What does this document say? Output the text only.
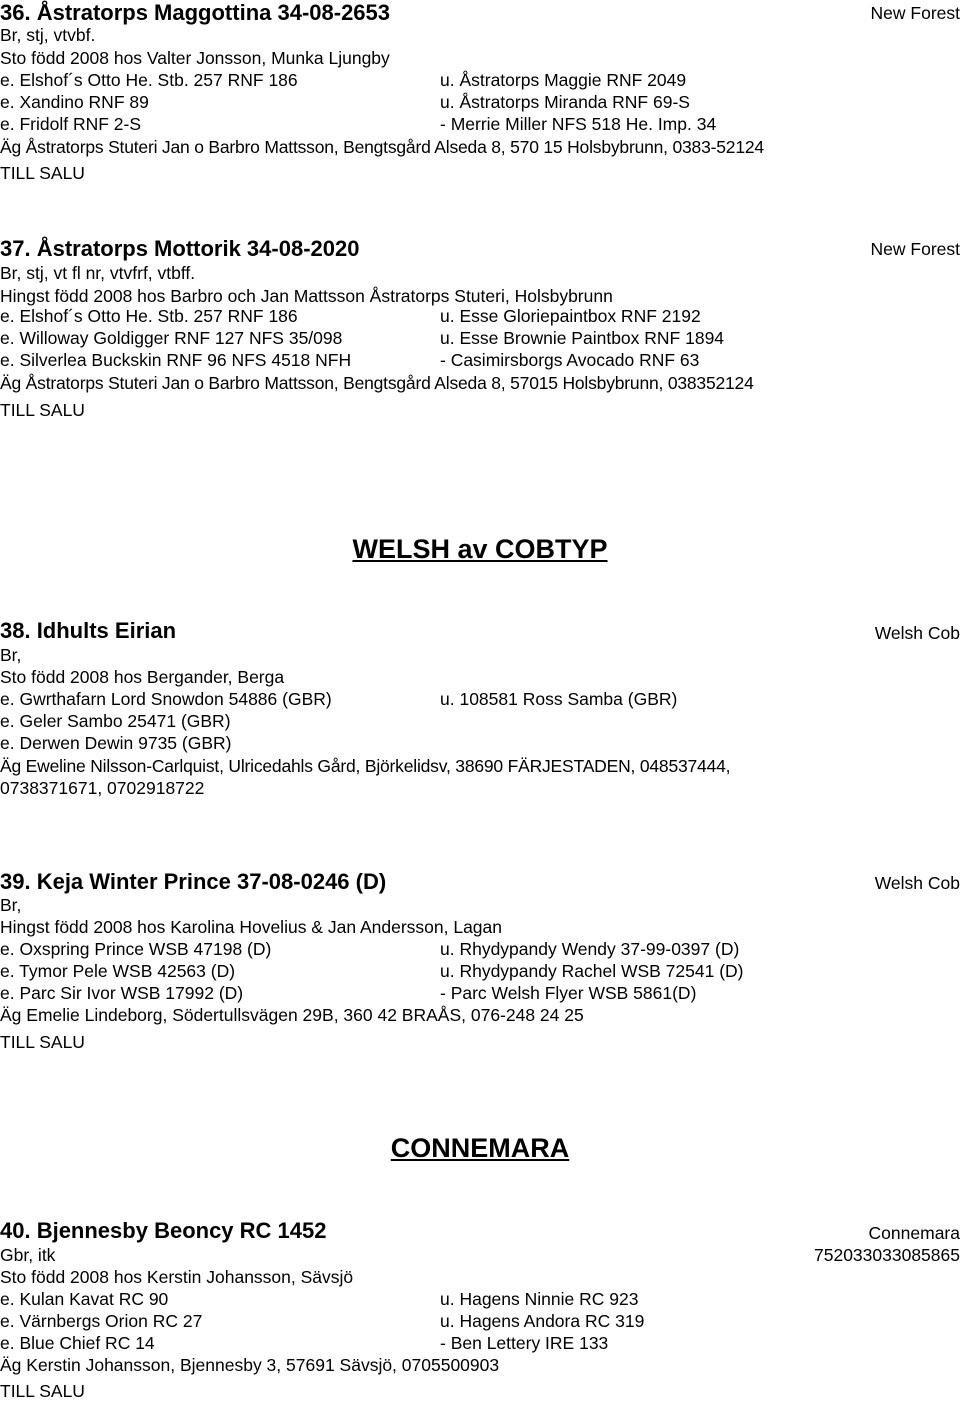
36. Åstratorps Maggottina 34-08-2653	New Forest
Br, stj, vtvbf.
Sto född 2008 hos Valter Jonsson, Munka Ljungby
e. Elshof´s Otto He. Stb. 257 RNF 186	u. Åstratorps Maggie RNF 2049
e. Xandino RNF 89	u. Åstratorps Miranda RNF 69-S
e. Fridolf RNF 2-S	- Merrie Miller NFS 518 He. Imp. 34
Äg Åstratorps Stuteri Jan o Barbro Mattsson, Bengtsgård Alseda 8, 570 15 Holsbybrunn, 0383-52124
TILL SALU
37. Åstratorps Mottorik 34-08-2020	New Forest
Br, stj, vt fl nr, vtvfrf, vtbff.
Hingst född 2008 hos Barbro och Jan Mattsson Åstratorps Stuteri, Holsbybrunn
e. Elshof´s Otto He. Stb. 257 RNF 186	u. Esse Gloriepaintbox RNF 2192
e. Willoway Goldigger RNF 127 NFS 35/098	u. Esse Brownie Paintbox RNF 1894
e. Silverlea Buckskin RNF 96 NFS 4518 NFH	- Casimirsborgs Avocado RNF 63
Äg Åstratorps Stuteri Jan o Barbro Mattsson, Bengtsgård Alseda 8, 57015 Holsbybrunn, 038352124
TILL SALU
WELSH av COBTYP
38. Idhults Eirian	Welsh Cob
Br,
Sto född 2008 hos Bergander, Berga
e. Gwrthafarn Lord Snowdon 54886 (GBR)	u. 108581 Ross Samba (GBR)
e. Geler Sambo 25471 (GBR)
e. Derwen Dewin 9735 (GBR)
Äg Eweline Nilsson-Carlquist, Ulricedahls Gård, Björkelidsv, 38690 FÄRJESTADEN, 048537444,
0738371671, 0702918722
39. Keja Winter Prince 37-08-0246 (D)	Welsh Cob
Br,
Hingst född 2008 hos Karolina Hovelius & Jan Andersson, Lagan
e. Oxspring Prince WSB 47198 (D)	u. Rhydypandy Wendy 37-99-0397 (D)
e. Tymor Pele WSB 42563 (D)	u. Rhydypandy Rachel WSB 72541 (D)
e. Parc Sir Ivor WSB 17992 (D)	- Parc Welsh Flyer WSB 5861(D)
Äg Emelie Lindeborg, Södertullsvägen 29B, 360 42 BRAÅS, 076-248 24 25
TILL SALU
CONNEMARA
40. Bjennesby Beoncy RC 1452	Connemara
Gbr, itk	752033033085865
Sto född 2008 hos Kerstin Johansson, Sävsjö
e. Kulan Kavat RC 90	u. Hagens Ninnie RC 923
e. Värnbergs Orion RC 27	u. Hagens Andora RC 319
e. Blue Chief RC 14	- Ben Lettery IRE 133
Äg Kerstin Johansson, Bjennesby 3, 57691 Sävsjö, 0705500903
TILL SALU
